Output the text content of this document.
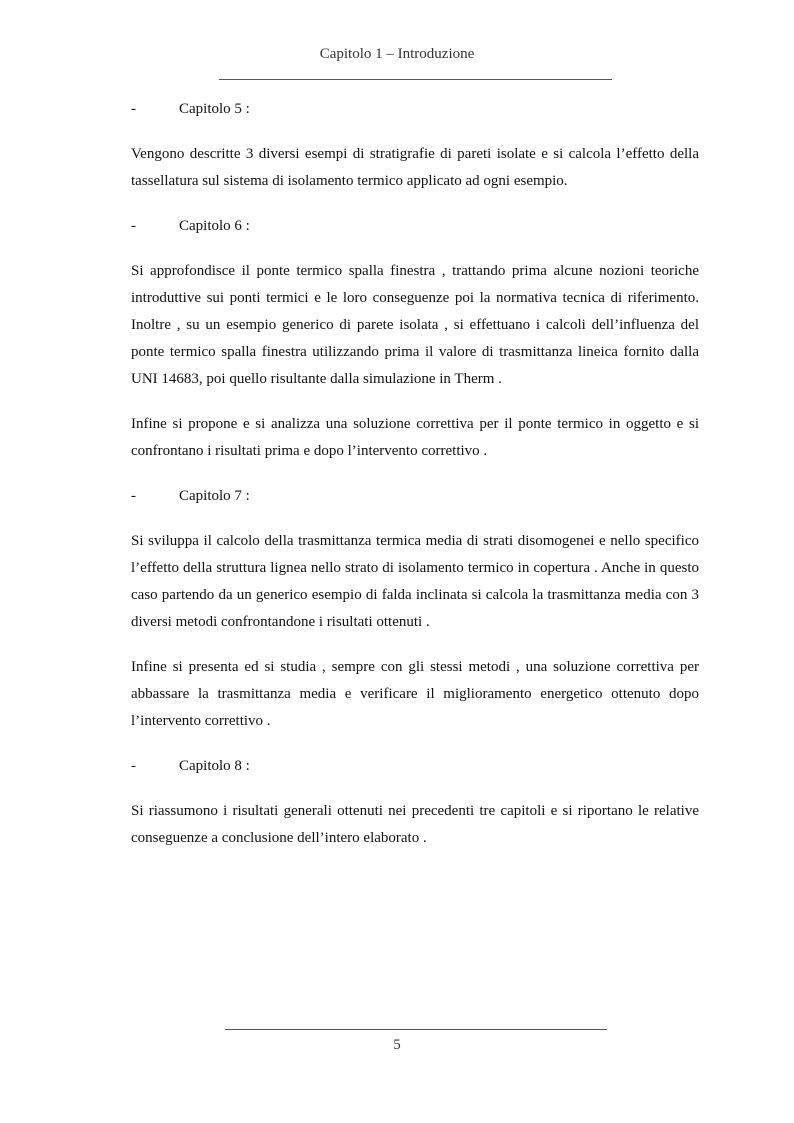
Capitolo 1 – Introduzione
-	Capitolo 5 :

Vengono descritte 3 diversi esempi di stratigrafie di pareti isolate e si calcola l’effetto della tassellatura sul sistema di isolamento termico applicato ad ogni esempio.

-	Capitolo 6 :

Si approfondisce il ponte termico spalla finestra , trattando prima alcune nozioni teoriche introduttive sui ponti termici e le loro conseguenze poi la normativa tecnica di riferimento. Inoltre , su un esempio generico di parete isolata , si effettuano i calcoli dell’influenza del ponte termico spalla finestra utilizzando prima il valore di trasmittanza lineica fornito dalla UNI 14683, poi quello risultante dalla simulazione in Therm .

Infine si propone e si analizza una soluzione correttiva per il ponte termico in oggetto e si confrontano i risultati prima e dopo l’intervento correttivo .

-	Capitolo 7 :

Si sviluppa il calcolo della trasmittanza termica media di strati disomogenei e nello specifico l’effetto della struttura lignea nello strato di isolamento termico in copertura . Anche in questo caso partendo da un generico esempio di falda inclinata si calcola la trasmittanza media con 3 diversi metodi confrontandone i risultati ottenuti .

Infine si presenta ed si studia , sempre con gli stessi metodi , una soluzione correttiva per abbassare la trasmittanza media e verificare il miglioramento energetico ottenuto dopo l’intervento correttivo .

-	Capitolo 8 :

Si riassumono i risultati generali ottenuti nei precedenti tre capitoli e si riportano le relative conseguenze a conclusione dell’intero elaborato .

5
